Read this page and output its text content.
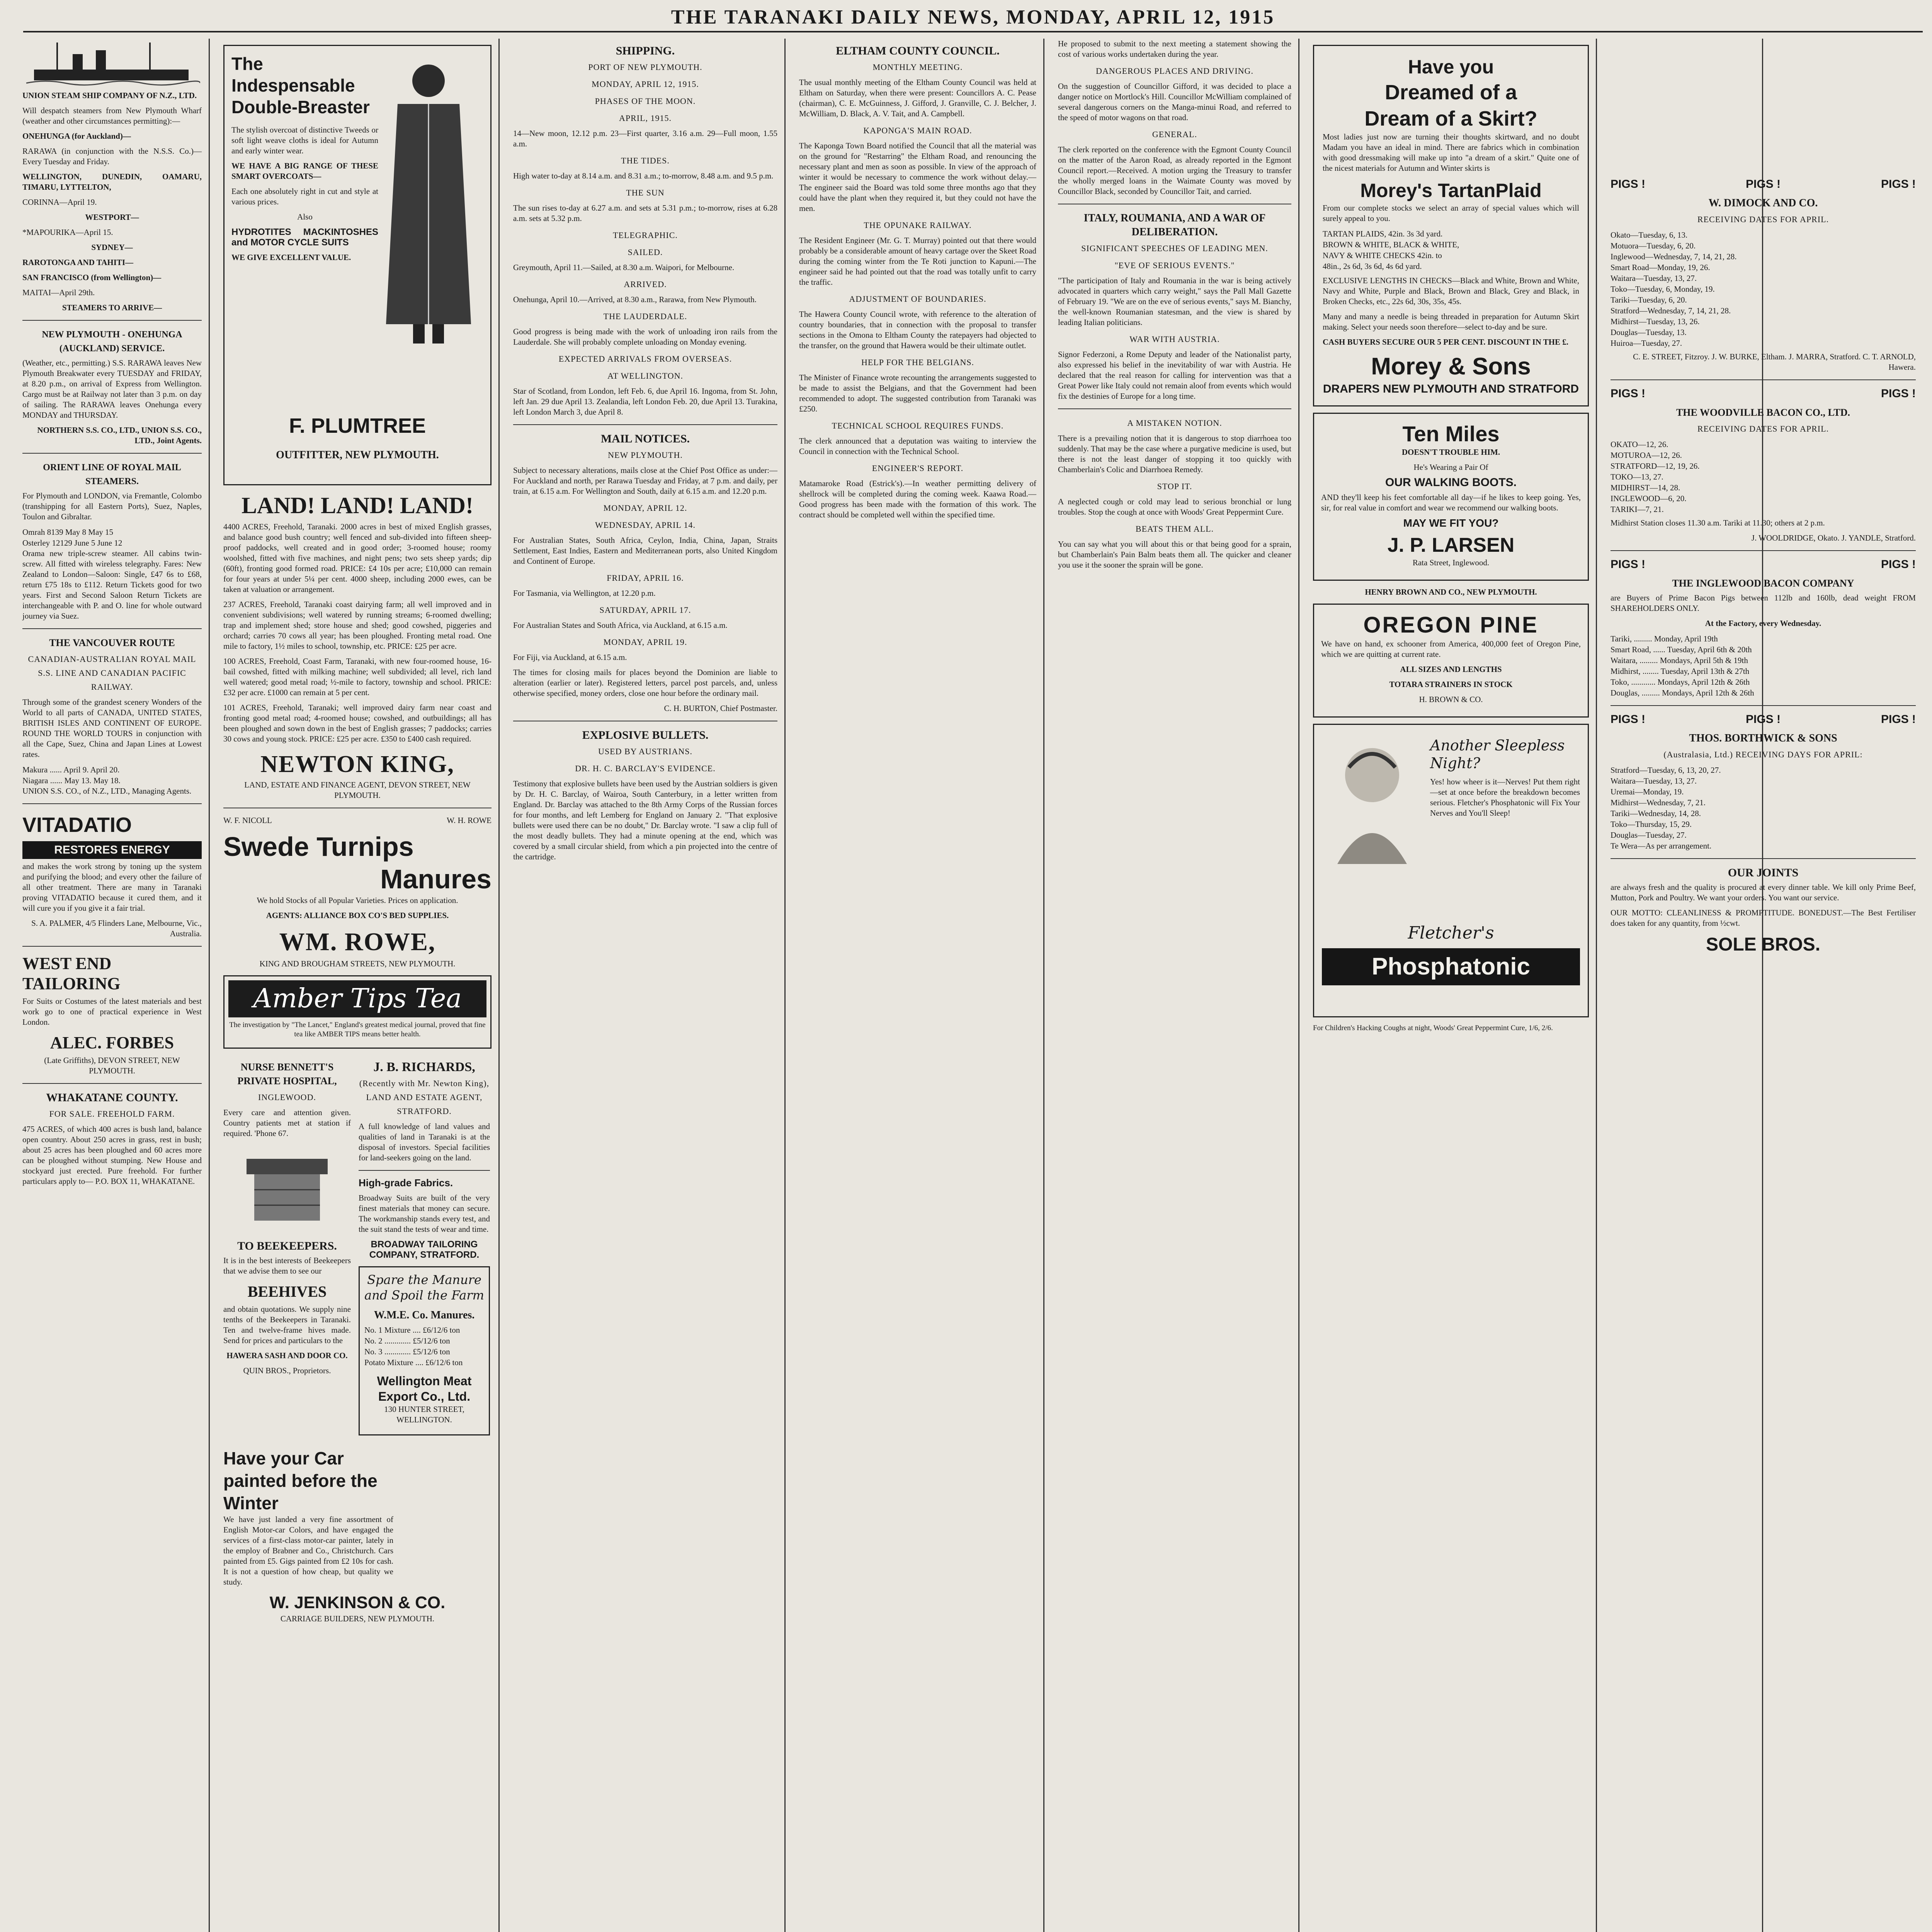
THE TARANAKI DAILY NEWS, MONDAY, APRIL 12, 1915
UNION STEAM SHIP COMPANY OF N.Z., LTD.
Will despatch steamers from New Plymouth Wharf (weather and other circumstances permitting):—
ONEHUNGA (for Auckland)—
RARAWA (in conjunction with the N.S.S. Co.)—Every Tuesday and Friday.
WELLINGTON, DUNEDIN, OAMARU, TIMARU, LYTTELTON,
CORINNA—April 19.
WESTPORT—
*MAPOURIKA—April 15.
SYDNEY—
RAROTONGA AND TAHITI—
SAN FRANCISCO (from Wellington)—
MAITAI—April 29th.
STEAMERS TO ARRIVE—
NEW PLYMOUTH - ONEHUNGA (AUCKLAND) SERVICE.
(Weather, etc., permitting.) S.S. RARAWA leaves New Plymouth Breakwater every TUESDAY and FRIDAY, at 8.20 p.m., on arrival of Express from Wellington. Cargo must be at Railway not later than 3 p.m. on day of sailing. The RARAWA leaves Onehunga every MONDAY and THURSDAY.
NORTHERN S.S. CO., LTD., UNION S.S. CO., LTD., Joint Agents.
ORIENT LINE OF ROYAL MAIL STEAMERS.
For Plymouth and LONDON, via Fremantle, Colombo (transhipping for all Eastern Ports), Suez, Naples, Toulon and Gibraltar.
Omrah 8139 May 8 May 15
Osterley 12129 June 5 June 12
Orama new triple-screw steamer. All cabins twin-screw. All fitted with wireless telegraphy. Fares: New Zealand to London—Saloon: Single, £47 6s to £68, return £75 18s to £112. Return Tickets good for two years. First and Second Saloon Return Tickets are interchangeable with P. and O. line for whole outward journey via Suez.
THE VANCOUVER ROUTE
CANADIAN-AUSTRALIAN ROYAL MAIL S.S. LINE AND CANADIAN PACIFIC RAILWAY.
Through some of the grandest scenery Wonders of the World to all parts of CANADA, UNITED STATES, BRITISH ISLES AND CONTINENT OF EUROPE. ROUND THE WORLD TOURS in conjunction with all the Cape, Suez, China and Japan Lines at Lowest rates.
Makura ...... April 9. April 20.
Niagara ...... May 13. May 18.
UNION S.S. CO., of N.Z., LTD., Managing Agents.
VITADATIO
RESTORES ENERGY
and makes the work strong by toning up the system and purifying the blood; and every other the failure of all other treatment. There are many in Taranaki proving VITADATIO because it cured them, and it will cure you if you give it a fair trial.
S. A. PALMER, 4/5 Flinders Lane, Melbourne, Vic., Australia.
WEST END TAILORING
For Suits or Costumes of the latest materials and best work go to one of practical experience in West London.
ALEC. FORBES
(Late Griffiths), DEVON STREET, NEW PLYMOUTH.
WHAKATANE COUNTY.
FOR SALE. FREEHOLD FARM.
475 ACRES, of which 400 acres is bush land, balance open country. About 250 acres in grass, rest in bush; about 25 acres has been ploughed and 60 acres more can be ploughed without stumping. New House and stockyard just erected. Pure freehold. For further particulars apply to— P.O. BOX 11, WHAKATANE.
The Indespensable Double-Breaster
The stylish overcoat of distinctive Tweeds or soft light weave cloths is ideal for Autumn and early winter wear.
WE HAVE A BIG RANGE OF THESE SMART OVERCOATS—
Each one absolutely right in cut and style at various prices.
Also
HYDROTITES MACKINTOSHES and MOTOR CYCLE SUITS
WE GIVE EXCELLENT VALUE.
F. PLUMTREE
OUTFITTER, NEW PLYMOUTH.
LAND! LAND! LAND!
4400 ACRES, Freehold, Taranaki. 2000 acres in best of mixed English grasses, and balance good bush country; well fenced and sub-divided into fifteen sheep-proof paddocks, well created and in good order; 3-roomed house; roomy woolshed, fitted with five machines, and night pens; two sets sheep yards; dip (60ft), fronting good formed road. PRICE: £4 10s per acre; £10,000 can remain for four years at under 5¼ per cent. 4000 sheep, including 2000 ewes, can be taken at valuation or arrangement.
237 ACRES, Freehold, Taranaki coast dairying farm; all well improved and in convenient subdivisions; well watered by running streams; 6-roomed dwelling; trap and implement shed; store house and shed; good cowshed, piggeries and orchard; carries 70 cows all year; has been ploughed. Fronting metal road. One mile to factory, 1½ miles to school, township, etc. PRICE: £25 per acre.
100 ACRES, Freehold, Coast Farm, Taranaki, with new four-roomed house, 16-bail cowshed, fitted with milking machine; well subdivided; all level, rich land well watered; good metal road; ½-mile to factory, township and school. PRICE: £32 per acre. £1000 can remain at 5 per cent.
101 ACRES, Freehold, Taranaki; well improved dairy farm near coast and fronting good metal road; 4-roomed house; cowshed, and outbuildings; all has been ploughed and sown down in the best of English grasses; 7 paddocks; carries 30 cows and young stock. PRICE: £25 per acre. £350 to £400 cash required.
NEWTON KING,
LAND, ESTATE AND FINANCE AGENT, DEVON STREET, NEW PLYMOUTH.
W. F. NICOLL	W. H. ROWE
Swede Turnips
Manures
We hold Stocks of all Popular Varieties. Prices on application.
AGENTS: ALLIANCE BOX CO'S BED SUPPLIES.
WM. ROWE,
KING AND BROUGHAM STREETS, NEW PLYMOUTH.
Amber Tips Tea
The investigation by "The Lancet," England's greatest medical journal, proved that fine tea like AMBER TIPS means better health.
NURSE BENNETT'S PRIVATE HOSPITAL,
INGLEWOOD.
Every care and attention given. Country patients met at station if required. 'Phone 67.
TO BEEKEEPERS.
It is in the best interests of Beekeepers that we advise them to see our
BEEHIVES
and obtain quotations. We supply nine tenths of the Beekeepers in Taranaki. Ten and twelve-frame hives made. Send for prices and particulars to the
HAWERA SASH AND DOOR CO.
QUIN BROS., Proprietors.
J. B. RICHARDS,
(Recently with Mr. Newton King), LAND AND ESTATE AGENT, STRATFORD.
A full knowledge of land values and qualities of land in Taranaki is at the disposal of investors. Special facilities for land-seekers going on the land.
High-grade Fabrics.
Broadway Suits are built of the very finest materials that money can secure. The workmanship stands every test, and the suit stand the tests of wear and time.
BROADWAY TAILORING COMPANY, STRATFORD.
Spare the Manure and Spoil the Farm
W.M.E. Co. Manures.
No. 1 Mixture .... £6/12/6 ton
No. 2 ............. £5/12/6 ton
No. 3 ............. £5/12/6 ton
Potato Mixture .... £6/12/6 ton
Wellington Meat Export Co., Ltd.
130 HUNTER STREET, WELLINGTON.
Have your Car painted before the Winter
We have just landed a very fine assortment of English Motor-car Colors, and have engaged the services of a first-class motor-car painter, lately in the employ of Brabner and Co., Christchurch. Cars painted from £5. Gigs painted from £2 10s for cash. It is not a question of how cheap, but quality we study.
W. JENKINSON & CO.
CARRIAGE BUILDERS, NEW PLYMOUTH.
SHIPPING.
PORT OF NEW PLYMOUTH.
MONDAY, APRIL 12, 1915.
PHASES OF THE MOON.
APRIL, 1915.
14—New moon, 12.12 p.m. 23—First quarter, 3.16 a.m. 29—Full moon, 1.55 a.m.
THE TIDES.
High water to-day at 8.14 a.m. and 8.31 a.m.; to-morrow, 8.48 a.m. and 9.5 p.m.
THE SUN
The sun rises to-day at 6.27 a.m. and sets at 5.31 p.m.; to-morrow, rises at 6.28 a.m. sets at 5.32 p.m.
TELEGRAPHIC.
SAILED.
Greymouth, April 11.—Sailed, at 8.30 a.m. Waipori, for Melbourne.
ARRIVED.
Onehunga, April 10.—Arrived, at 8.30 a.m., Rarawa, from New Plymouth.
THE LAUDERDALE.
Good progress is being made with the work of unloading iron rails from the Lauderdale. She will probably complete unloading on Monday evening.
EXPECTED ARRIVALS FROM OVERSEAS.
AT WELLINGTON.
Star of Scotland, from London, left Feb. 6, due April 16. Ingoma, from St. John, left Jan. 29 due April 13. Zealandia, left London Feb. 20, due April 13. Turakina, left London March 3, due April 8.
MAIL NOTICES.
NEW PLYMOUTH.
Subject to necessary alterations, mails close at the Chief Post Office as under:— For Auckland and north, per Rarawa Tuesday and Friday, at 7 p.m. and daily, per train, at 6.15 a.m. For Wellington and South, daily at 6.15 a.m. and 12.20 p.m.
MONDAY, APRIL 12.
WEDNESDAY, APRIL 14.
For Australian States, South Africa, Ceylon, India, China, Japan, Straits Settlement, East Indies, Eastern and Mediterranean ports, also United Kingdom and Continent of Europe.
FRIDAY, APRIL 16.
For Tasmania, via Wellington, at 12.20 p.m.
SATURDAY, APRIL 17.
For Australian States and South Africa, via Auckland, at 6.15 a.m.
MONDAY, APRIL 19.
For Fiji, via Auckland, at 6.15 a.m.
The times for closing mails for places beyond the Dominion are liable to alteration (earlier or later). Registered letters, parcel post parcels, and, unless otherwise specified, money orders, close one hour before the ordinary mail.
C. H. BURTON, Chief Postmaster.
EXPLOSIVE BULLETS.
USED BY AUSTRIANS.
DR. H. C. BARCLAY'S EVIDENCE.
Testimony that explosive bullets have been used by the Austrian soldiers is given by Dr. H. C. Barclay, of Wairoa, South Canterbury, in a letter written from England. Dr. Barclay was attached to the 8th Army Corps of the Russian forces for four months, and left Lemberg for England on January 2. "That explosive bullets were used there can be no doubt," Dr. Barclay wrote. "I saw a clip full of the most deadly bullets. They had a minute opening at the end, which was covered by a small circular shield, from which a pin projected into the centre of the cartridge.
ELTHAM COUNTY COUNCIL.
MONTHLY MEETING.
The usual monthly meeting of the Eltham County Council was held at Eltham on Saturday, when there were present: Councillors A. C. Pease (chairman), C. E. McGuinness, J. Gifford, J. Granville, C. J. Belcher, J. McWilliam, D. Black, A. V. Tait, and A. Campbell.
KAPONGA'S MAIN ROAD.
The Kaponga Town Board notified the Council that all the material was on the ground for "Restarring" the Eltham Road, and renouncing the necessary plant and men as soon as possible. In view of the approach of winter it would be necessary to commence the work without delay.—The engineer said the Board was told some three months ago that they could have the plant when they required it, but they could not have the men.
THE OPUNAKE RAILWAY.
The Resident Engineer (Mr. G. T. Murray) pointed out that there would probably be a considerable amount of heavy cartage over the Skeet Road during the coming winter from the Te Roti junction to Kapuni.—The engineer said he had pointed out that the road was totally unfit to carry the traffic.
ADJUSTMENT OF BOUNDARIES.
The Hawera County Council wrote, with reference to the alteration of country boundaries, that in connection with the proposal to transfer sections in the Omona to Eltham County the ratepayers had objected to the transfer, on the ground that Hawera would be their ultimate outlet.
HELP FOR THE BELGIANS.
The Minister of Finance wrote recounting the arrangements suggested to be made to assist the Belgians, and that the Government had been recommended to adopt. The suggested contribution from Taranaki was £250.
TECHNICAL SCHOOL REQUIRES FUNDS.
The clerk announced that a deputation was waiting to interview the Council in connection with the Technical School.
ENGINEER'S REPORT.
Matamaroke Road (Estrick's).—In weather permitting delivery of shellrock will be completed during the coming week. Kaawa Road.—Good progress has been made with the formation of this work. The contract should be completed well within the specified time.
He proposed to submit to the next meeting a statement showing the cost of various works undertaken during the year.
DANGEROUS PLACES AND DRIVING.
On the suggestion of Councillor Gifford, it was decided to place a danger notice on Mortlock's Hill. Councillor McWilliam complained of several dangerous corners on the Manga-minui Road, and referred to the speed of motor wagons on that road.
GENERAL.
The clerk reported on the conference with the Egmont County Council on the matter of the Aaron Road, as already reported in the Egmont Council report.—Received. A motion urging the Treasury to transfer the wholly merged loans in the Waimate County was moved by Councillor Black, seconded by Councillor Tait, and carried.
ITALY, ROUMANIA, AND A WAR OF DELIBERATION.
SIGNIFICANT SPEECHES OF LEADING MEN.
"EVE OF SERIOUS EVENTS."
"The participation of Italy and Roumania in the war is being actively advocated in quarters which carry weight," says the Pall Mall Gazette of February 19. "We are on the eve of serious events," says M. Bianchy, the well-known Roumanian statesman, and the view is shared by leading Italian politicians.
WAR WITH AUSTRIA.
Signor Federzoni, a Rome Deputy and leader of the Nationalist party, also expressed his belief in the inevitability of war with Austria. He declared that the real reason for calling for intervention was that a Great Power like Italy could not remain aloof from events which would fix the destinies of Europe for a long time.
A MISTAKEN NOTION.
There is a prevailing notion that it is dangerous to stop diarrhoea too suddenly. That may be the case where a purgative medicine is used, but there is not the least danger of stopping it too quickly with Chamberlain's Colic and Diarrhoea Remedy.
STOP IT.
A neglected cough or cold may lead to serious bronchial or lung troubles. Stop the cough at once with Woods' Great Peppermint Cure.
BEATS THEM ALL.
You can say what you will about this or that being good for a sprain, but Chamberlain's Pain Balm beats them all. The quicker and cleaner you use it the sooner the sprain will be gone.
Have you
Dreamed of a
Dream of a Skirt?
Most ladies just now are turning their thoughts skirtward, and no doubt Madam you have an ideal in mind. There are fabrics which in combination with good dressmaking will make up into "a dream of a skirt." Quite one of the nicest materials for Autumn and Winter skirts is
Morey's TartanPlaid
From our complete stocks we select an array of special values which will surely appeal to you.
TARTAN PLAIDS, 42in. 3s 3d yard.
BROWN & WHITE, BLACK & WHITE,
NAVY & WHITE CHECKS 42in. to
48in., 2s 6d, 3s 6d, 4s 6d yard.
EXCLUSIVE LENGTHS IN CHECKS—Black and White, Brown and White, Navy and White, Purple and Black, Brown and Black, Grey and Black, in Broken Checks, etc., 22s 6d, 30s, 35s, 45s.
Many and many a needle is being threaded in preparation for Autumn Skirt making. Select your needs soon therefore—select to-day and be sure.
CASH BUYERS SECURE OUR 5 PER CENT. DISCOUNT IN THE £.
Morey & Sons
DRAPERS NEW PLYMOUTH AND STRATFORD
Ten Miles
DOESN'T TROUBLE HIM.
He's Wearing a Pair Of
OUR WALKING BOOTS.
AND they'll keep his feet comfortable all day—if he likes to keep going. Yes, sir, for real value in comfort and wear we recommend our walking boots.
MAY WE FIT YOU?
J. P. LARSEN
Rata Street, Inglewood.
HENRY BROWN AND CO., NEW PLYMOUTH.
OREGON PINE
We have on hand, ex schooner from America, 400,000 feet of Oregon Pine, which we are quitting at current rate.
ALL SIZES AND LENGTHS
TOTARA STRAINERS IN STOCK
H. BROWN & CO.
Another Sleepless Night?
Yes! how wheer is it—Nerves! Put them right—set at once before the breakdown becomes serious. Fletcher's Phosphatonic will Fix Your Nerves and You'll Sleep!
Fletcher's
Phosphatonic
For Children's Hacking Coughs at night, Woods' Great Peppermint Cure, 1/6, 2/6.
PIGS !	PIGS !	PIGS !
W. DIMOCK AND CO.
RECEIVING DATES FOR APRIL.
Okato—Tuesday, 6, 13.
Motuora—Tuesday, 6, 20.
Inglewood—Wednesday, 7, 14, 21, 28.
Smart Road—Monday, 19, 26.
Waitara—Tuesday, 13, 27.
Toko—Tuesday, 6, Monday, 19.
Tariki—Tuesday, 6, 20.
Stratford—Wednesday, 7, 14, 21, 28.
Midhirst—Tuesday, 13, 26.
Douglas—Tuesday, 13.
Huiroa—Tuesday, 27.
C. E. STREET, Fitzroy. J. W. BURKE, Eltham. J. MARRA, Stratford. C. T. ARNOLD, Hawera.
PIGS !	PIGS !
THE WOODVILLE BACON CO., LTD.
RECEIVING DATES FOR APRIL.
OKATO—12, 26.
MOTUROA—12, 26.
STRATFORD—12, 19, 26.
TOKO—13, 27.
MIDHIRST—14, 28.
INGLEWOOD—6, 20.
TARIKI—7, 21.
Midhirst Station closes 11.30 a.m. Tariki at 11.30; others at 2 p.m.
J. WOOLDRIDGE, Okato. J. YANDLE, Stratford.
PIGS !	PIGS !
THE INGLEWOOD BACON COMPANY
are Buyers of Prime Bacon Pigs between 112lb and 160lb, dead weight FROM SHAREHOLDERS ONLY.
At the Factory, every Wednesday.
Tariki, ......... Monday, April 19th
Smart Road, ...... Tuesday, April 6th & 20th
Waitara, ......... Mondays, April 5th & 19th
Midhirst, ........ Tuesday, April 13th & 27th
Toko, ............ Mondays, April 12th & 26th
Douglas, ......... Mondays, April 12th & 26th
PIGS !	PIGS !	PIGS !
THOS. BORTHWICK & SONS
(Australasia, Ltd.) RECEIVING DAYS FOR APRIL:
Stratford—Tuesday, 6, 13, 20, 27.
Waitara—Tuesday, 13, 27.
Uremai—Monday, 19.
Midhirst—Wednesday, 7, 21.
Tariki—Wednesday, 14, 28.
Toko—Thursday, 15, 29.
Douglas—Tuesday, 27.
Te Wera—As per arrangement.
OUR JOINTS
are always fresh and the quality is procured at every dinner table. We kill only Prime Beef, Mutton, Pork and Poultry. We want your orders. You want our service.
OUR MOTTO: CLEANLINESS & PROMPTITUDE. BONEDUST.—The Best Fertiliser does taken for any quantity, from ½cwt.
SOLE BROS.
